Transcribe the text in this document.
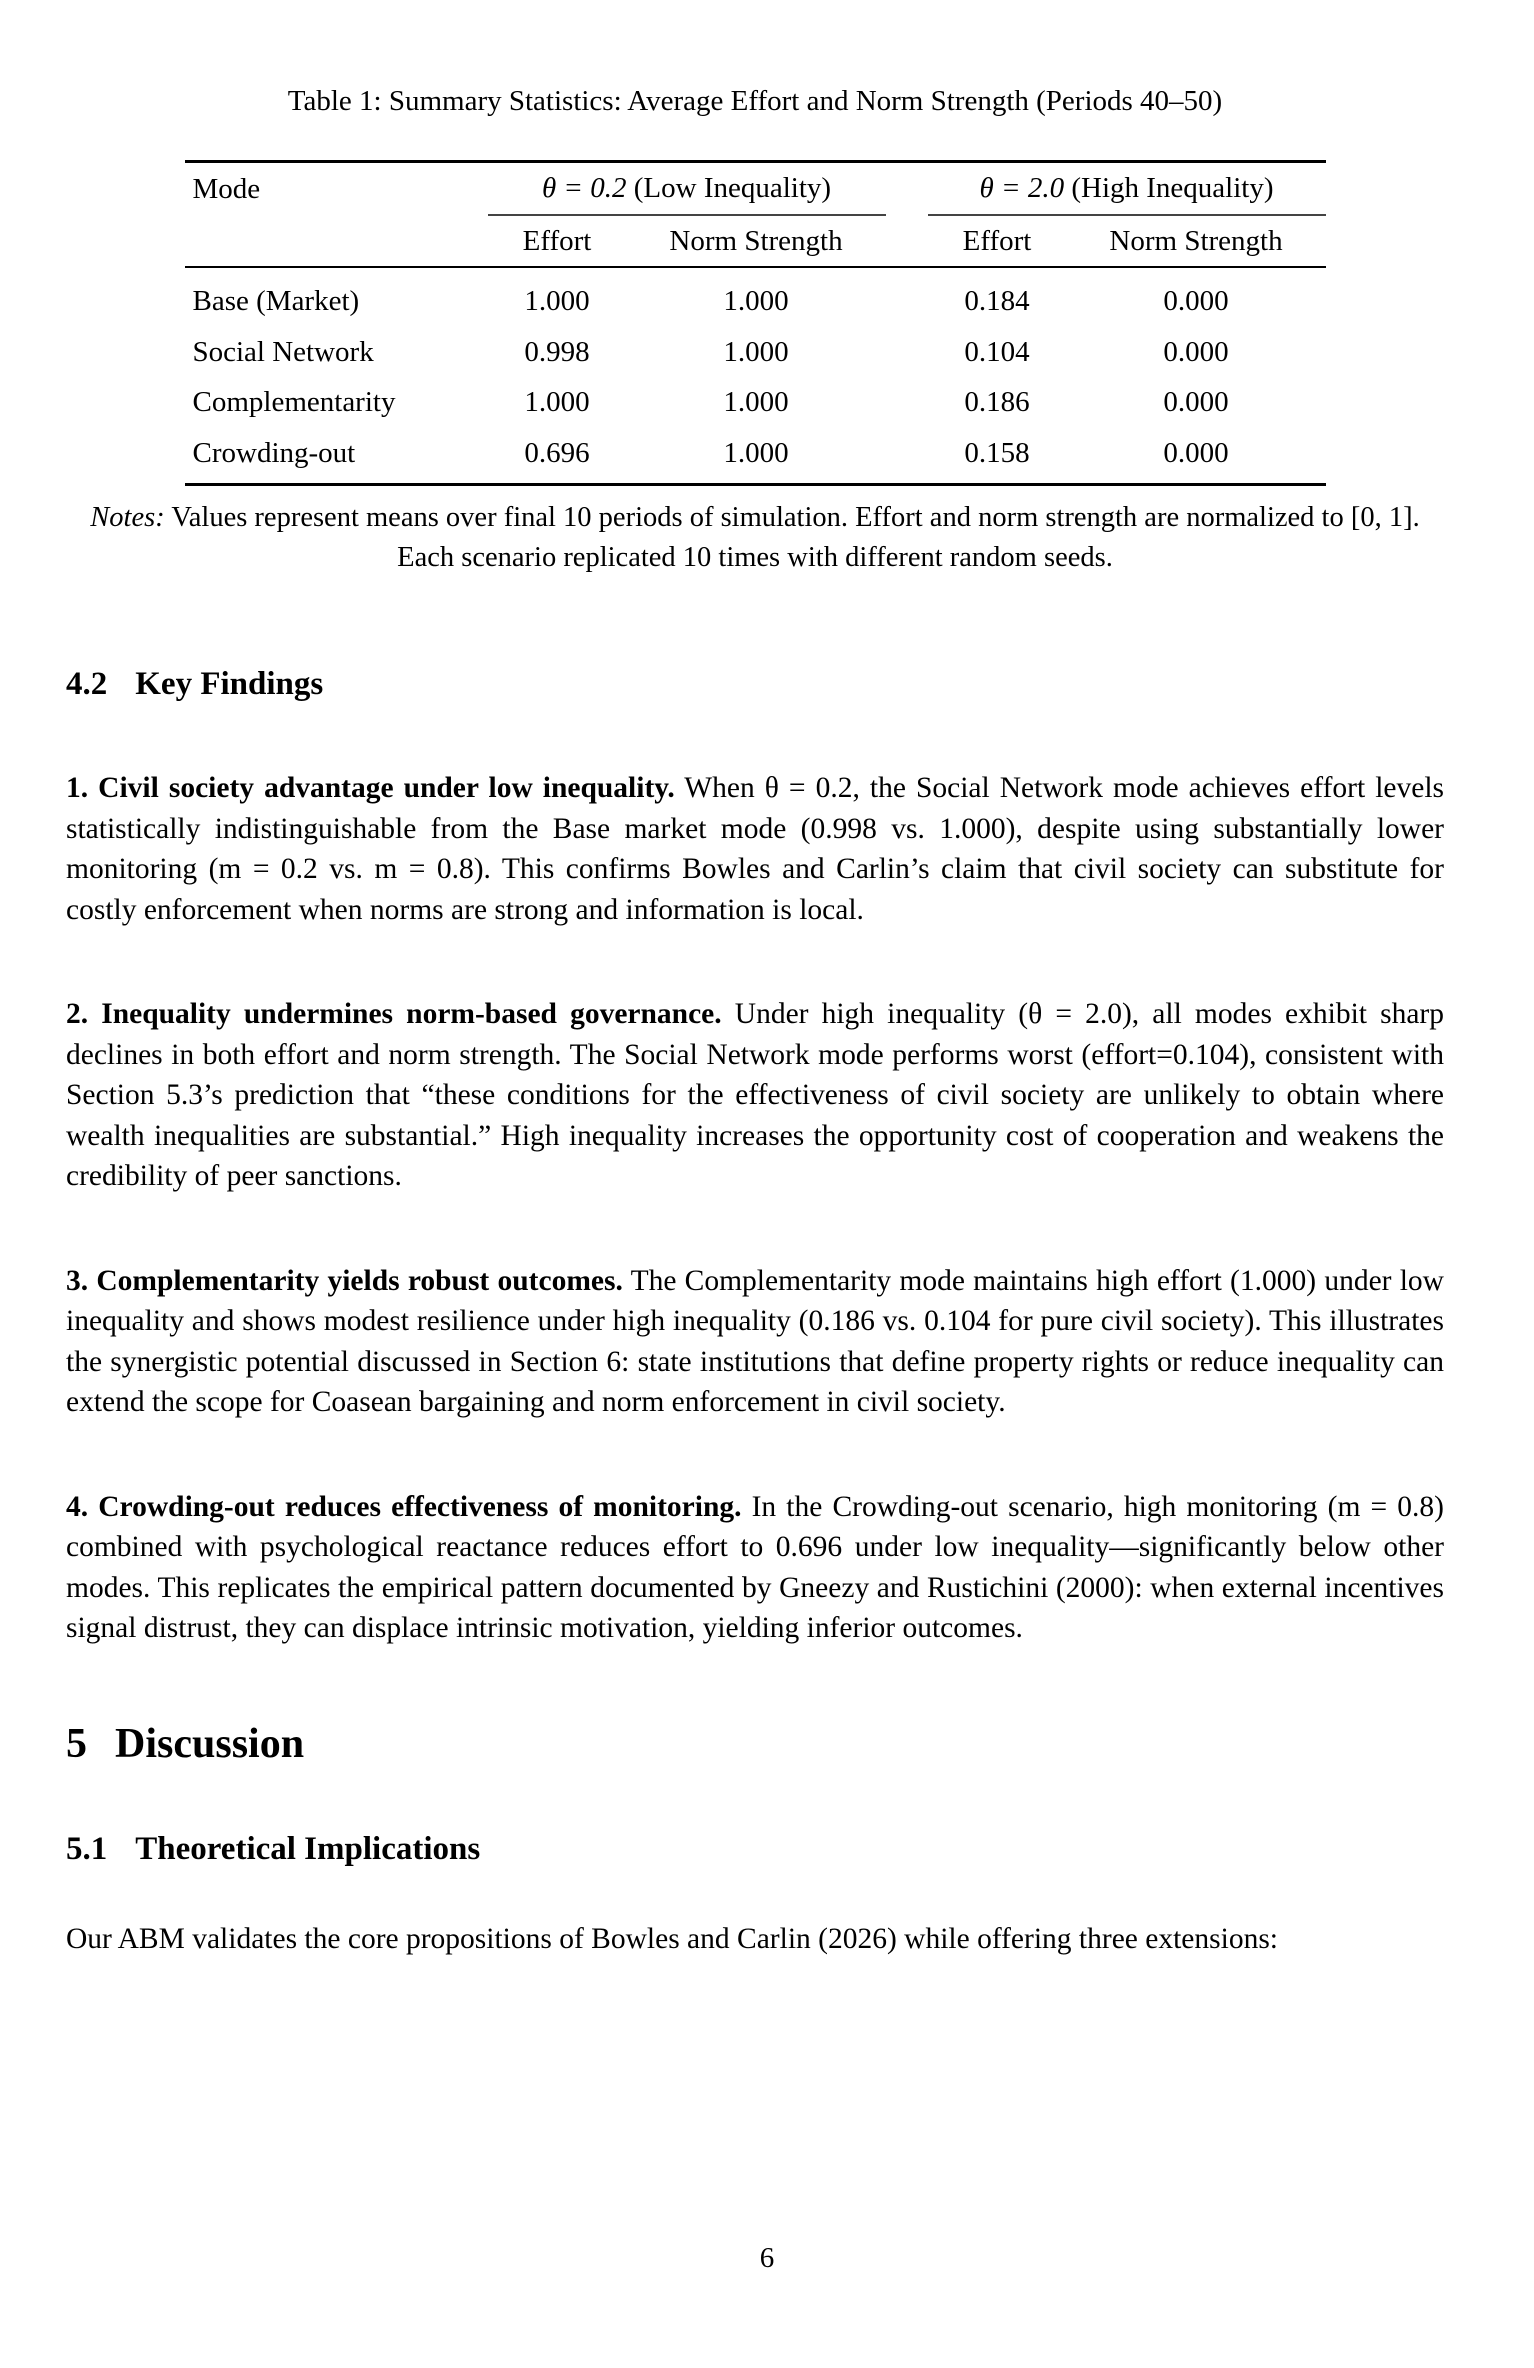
Table 1: Summary Statistics: Average Effort and Norm Strength (Periods 40–50)
Mode	θ = 0.2 (Low Inequality)			θ = 2.0 (High Inequality)	
	Effort	Norm Strength		Effort	Norm Strength
Base (Market)	1.000	1.000		0.184	0.000
Social Network	0.998	1.000		0.104	0.000
Complementarity	1.000	1.000		0.186	0.000
Crowding-out	0.696	1.000		0.158	0.000
Notes: Values represent means over final 10 periods of simulation. Effort and norm strength are normalized to [0, 1]. Each scenario replicated 10 times with different random seeds.
4.2 Key Findings

1. Civil society advantage under low inequality. When θ = 0.2, the Social Network mode achieves effort levels statistically indistinguishable from the Base market mode (0.998 vs. 1.000), despite using substantially lower monitoring (m = 0.2 vs. m = 0.8). This confirms Bowles and Carlin’s claim that civil society can substitute for costly enforcement when norms are strong and information is local.

2. Inequality undermines norm-based governance. Under high inequality (θ = 2.0), all modes exhibit sharp declines in both effort and norm strength. The Social Network mode performs worst (effort=0.104), consistent with Section 5.3’s prediction that “these conditions for the effectiveness of civil society are unlikely to obtain where wealth inequalities are substantial.” High inequality increases the opportunity cost of cooperation and weakens the credibility of peer sanctions.

3. Complementarity yields robust outcomes. The Complementarity mode maintains high effort (1.000) under low inequality and shows modest resilience under high inequality (0.186 vs. 0.104 for pure civil society). This illustrates the synergistic potential discussed in Section 6: state institutions that define property rights or reduce inequality can extend the scope for Coasean bargaining and norm enforcement in civil society.

4. Crowding-out reduces effectiveness of monitoring. In the Crowding-out scenario, high monitoring (m = 0.8) combined with psychological reactance reduces effort to 0.696 under low inequality—significantly below other modes. This replicates the empirical pattern documented by Gneezy and Rustichini (2000): when external incentives signal distrust, they can displace intrinsic motivation, yielding inferior outcomes.

5 Discussion
5.1 Theoretical Implications

Our ABM validates the core propositions of Bowles and Carlin (2026) while offering three extensions:

6
